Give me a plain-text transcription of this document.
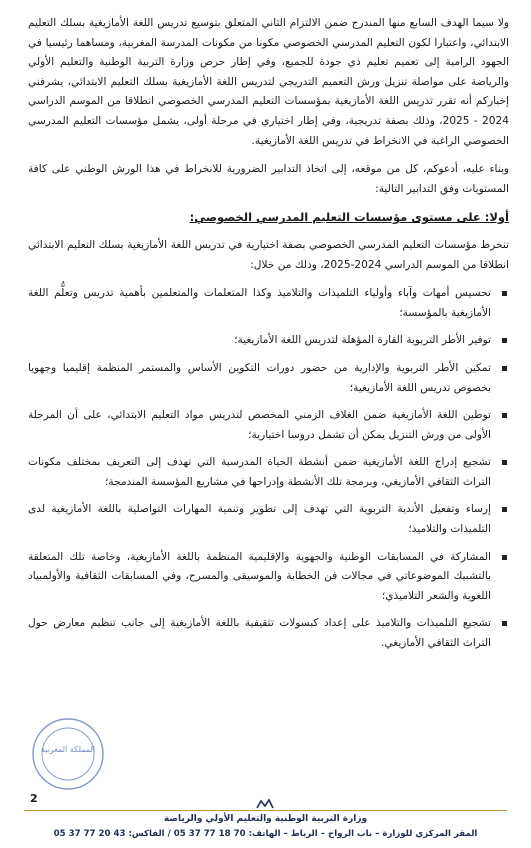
ولا سيما الهدف السابع منها المندرج ضمن الالتزام الثاني المتعلق بتوسيع تدريس اللغة الأمازيغية بسلك التعليم الابتدائي، واعتبارا لكون التعليم المدرسي الخصوصي مكونا من مكونات المدرسة المغربية، ومساهما رئيسيا في الجهود الرامية إلى تعميم تعليم ذي جودة للجميع، وفي إطار حرص وزارة التربية الوطنية والتعليم الأولي والرياضة على مواصلة تنزيل ورش التعميم التدريجي لتدريس اللغة الأمازيغية بسلك التعليم الابتدائي، يشرفني إخباركم أنه تقرر تدريس اللغة الأمازيغية بمؤسسات التعليم المدرسي الخصوصي انطلاقا من الموسم الدراسي 2024 - 2025، وذلك بصفة تدريجية، وفي إطار اختياري في مرحلة أولى، يشمل مؤسسات التعليم المدرسي الخصوصي الراغبة في الانخراط في تدريس اللغة الأمازيغية.

وبناء عليه، أدعوكم، كل من موقعه، إلى اتخاذ التدابير الضرورية للانخراط في هذا الورش الوطني على كافة المستويات وفق التدابير التالية:

أولا: على مستوى مؤسسات التعليم المدرسي الخصوصي:

تنخرط مؤسسات التعليم المدرسي الخصوصي بصفة اختيارية في تدريس اللغة الأمازيغية بسلك التعليم الابتدائي انطلاقا من الموسم الدراسي 2024-2025، وذلك من خلال:

تحسيس أمهات وآباء وأولياء التلميذات والتلاميذ وكذا المتعلمات والمتعلمين بأهمية تدريس وتعلُّم اللغة الأمازيغية بالمؤسسة؛
توفير الأطر التربوية القارة المؤهلة لتدريس اللغة الأمازيغية؛
تمكين الأطر التربوية والإدارية من حضور دورات التكوين الأساس والمستمر المنظمة إقليميا وجهويا بخصوص تدريس اللغة الأمازيغية؛
توطين اللغة الأمازيغية ضمن الغلاف الزمني المخصص لتدريس مواد التعليم الابتدائي، على أن المرحلة الأولى من ورش التنزيل يمكن أن تشمل دروسا اختيارية؛
تشجيع إدراج اللغة الأمازيغية ضمن أنشطة الحياة المدرسية التي تهدف إلى التعريف بمختلف مكونات التراث الثقافي الأمازيغي، وبرمجة تلك الأنشطة وإدراجها في مشاريع المؤسسة المندمجة؛
إرساء وتفعيل الأندية التربوية التي تهدف إلى تطوير وتنمية المهارات التواصلية باللغة الأمازيغية لدى التلميذات والتلاميذ؛
المشاركة في المسابقات الوطنية والجهوية والإقليمية المنظمة باللغة الأمازيغية، وخاصة تلك المتعلقة بالتشبيك الموضوعاتي في مجالات فن الخطابة والموسيقى والمسرح، وفي المسابقات الثقافية والأولمبياد اللغوية والشعر التلاميذي؛
تشجيع التلميذات والتلاميذ على إعداد كبسولات تثقيفية باللغة الأمازيغية إلى جانب تنظيم معارض حول التراث الثقافي الأمازيغي.
المملكة المغربية
2
وزارة التربية الوطنية والتعليم الأولي والرياضة
المقر المركزي للوزارة – باب الرواح – الرباط – الهاتف: 70 18 77 37 05 / الفاكس: 43 20 77 37 05
